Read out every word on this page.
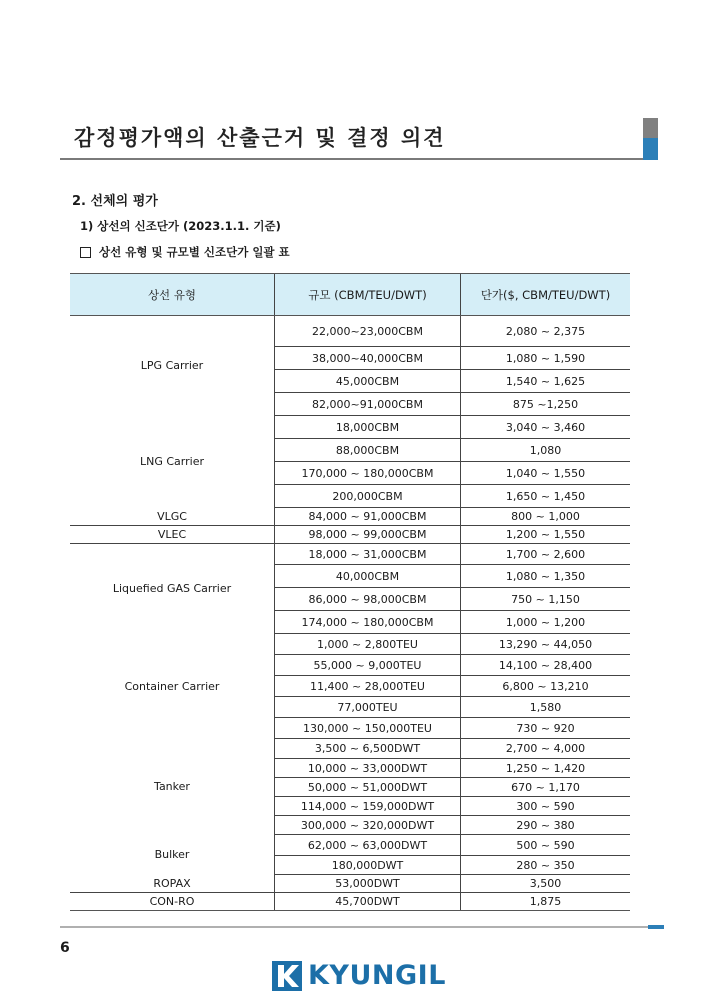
감정평가액의 산출근거 및 결정 의견
2. 선체의 평가
1) 상선의 신조단가 (2023.1.1. 기준)
상선 유형 및 규모별 신조단가 일괄 표
상선 유형	규모 (CBM/TEU/DWT)	단가($, CBM/TEU/DWT)
LPG Carrier	22,000~23,000CBM	2,080 ~ 2,375
	38,000~40,000CBM	1,080 ~ 1,590
	45,000CBM	1,540 ~ 1,625
	82,000~91,000CBM	875 ~1,250
LNG Carrier	18,000CBM	3,040 ~ 3,460
	88,000CBM	1,080
	170,000 ~ 180,000CBM	1,040 ~ 1,550
	200,000CBM	1,650 ~ 1,450
VLGC	84,000 ~ 91,000CBM	800 ~ 1,000
VLEC	98,000 ~ 99,000CBM	1,200 ~ 1,550
Liquefied GAS Carrier	18,000 ~ 31,000CBM	1,700 ~ 2,600
	40,000CBM	1,080 ~ 1,350
	86,000 ~ 98,000CBM	750 ~ 1,150
	174,000 ~ 180,000CBM	1,000 ~ 1,200
Container Carrier	1,000 ~ 2,800TEU	13,290 ~ 44,050
	55,000 ~ 9,000TEU	14,100 ~ 28,400
	11,400 ~ 28,000TEU	6,800 ~ 13,210
	77,000TEU	1,580
	130,000 ~ 150,000TEU	730 ~ 920
Tanker	3,500 ~ 6,500DWT	2,700 ~ 4,000
	10,000 ~ 33,000DWT	1,250 ~ 1,420
	50,000 ~ 51,000DWT	670 ~ 1,170
	114,000 ~ 159,000DWT	300 ~ 590
	300,000 ~ 320,000DWT	290 ~ 380
Bulker	62,000 ~ 63,000DWT	500 ~ 590
	180,000DWT	280 ~ 350
ROPAX	53,000DWT	3,500
CON-RO	45,700DWT	1,875
6
KYUNGIL
